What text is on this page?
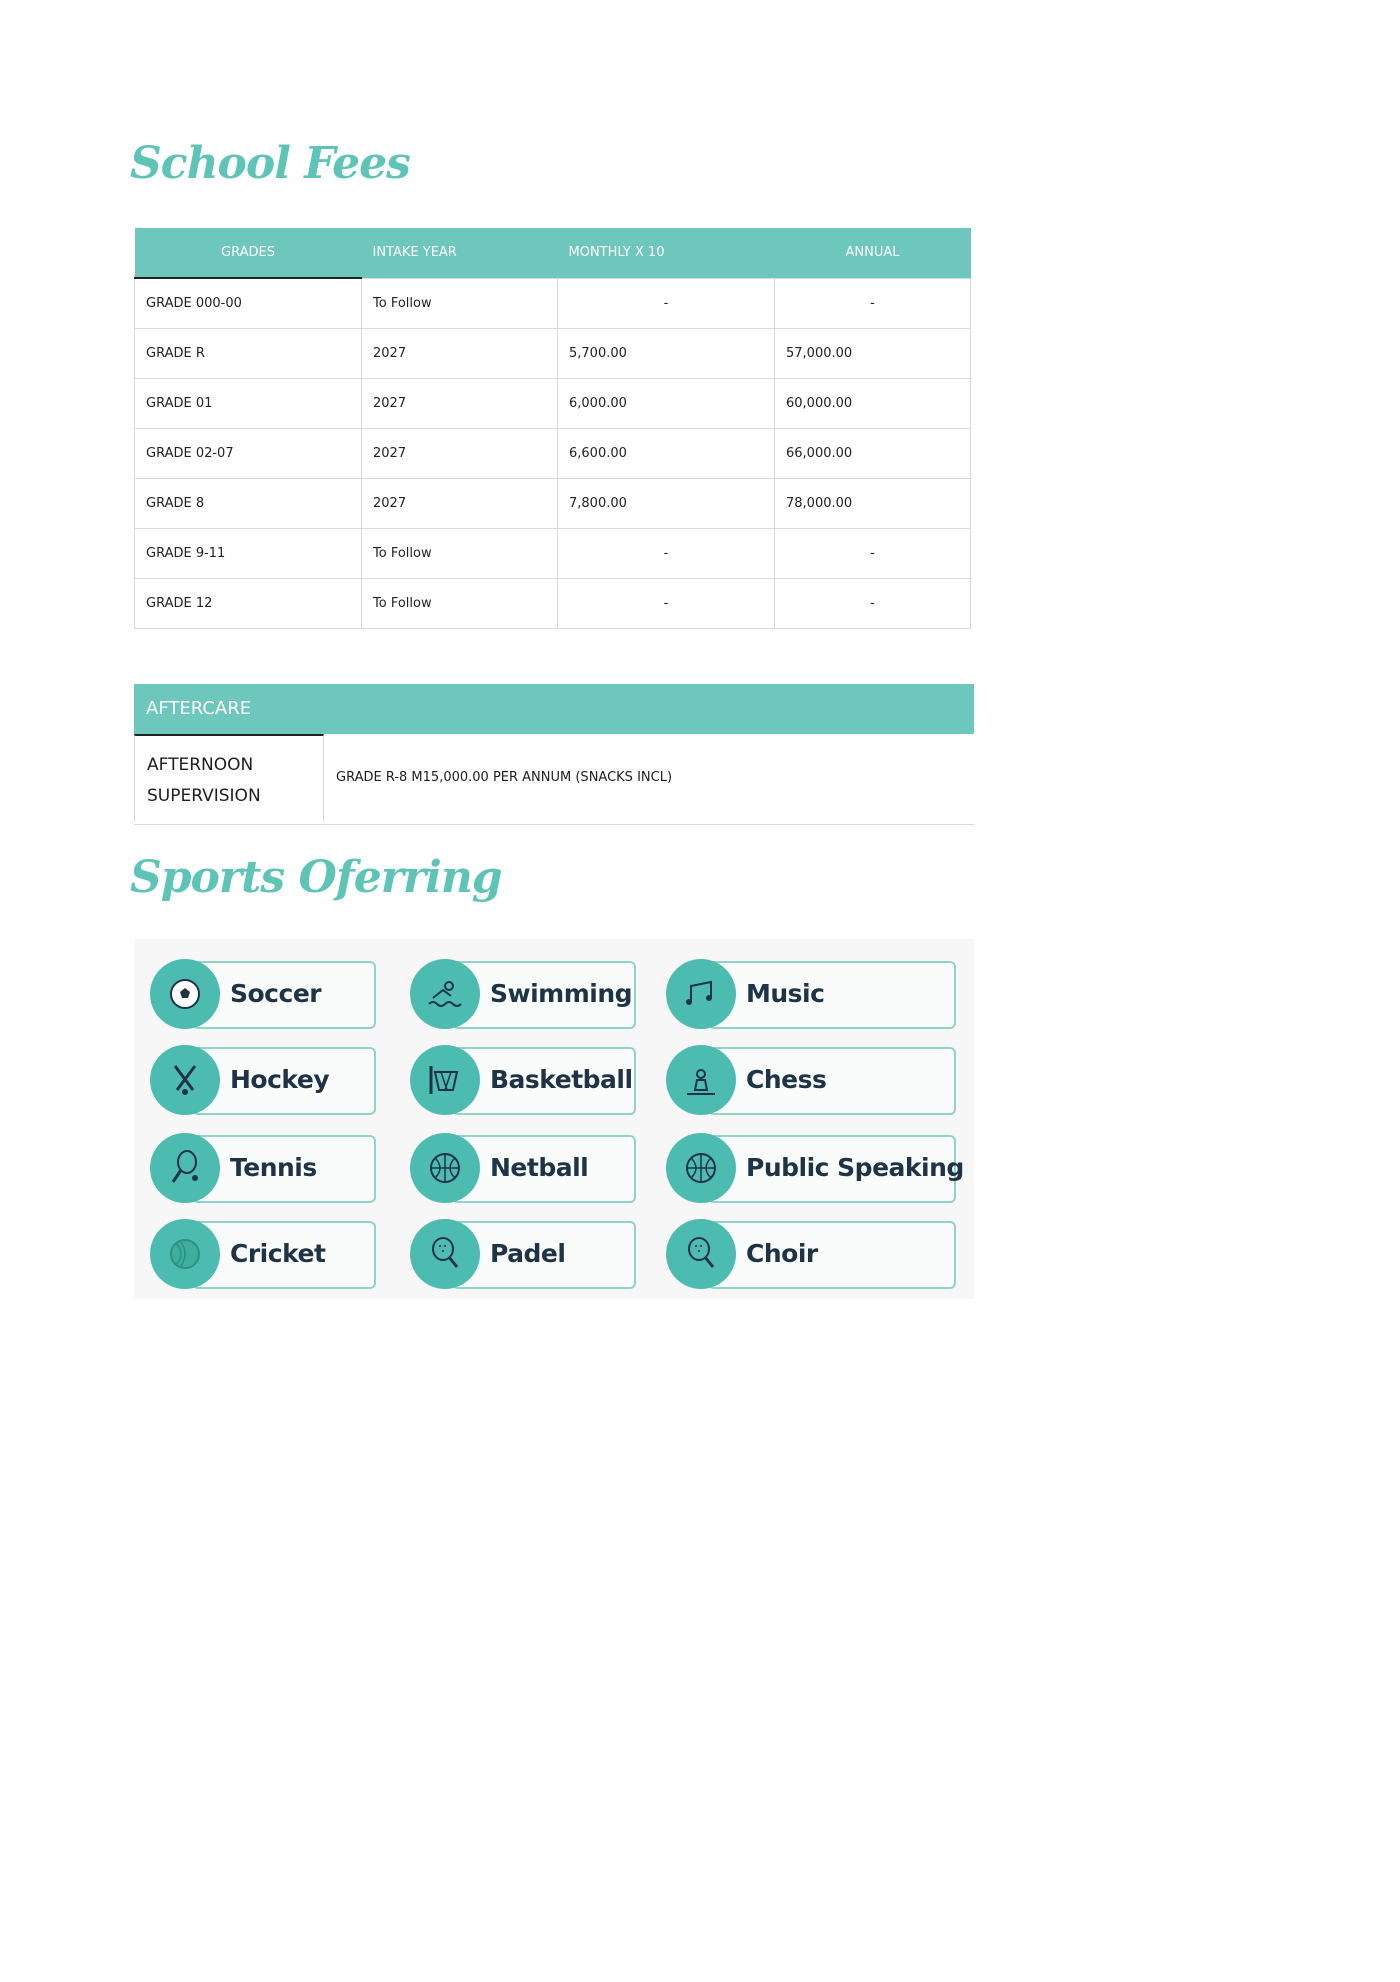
School Fees
GRADES	INTAKE YEAR	MONTHLY X 10	ANNUAL
GRADE 000-00	To Follow	-	-
GRADE R	2027	5,700.00	57,000.00
GRADE 01	2027	6,000.00	60,000.00
GRADE 02-07	2027	6,600.00	66,000.00
GRADE 8	2027	7,800.00	78,000.00
GRADE 9-11	To Follow	-	-
GRADE 12	To Follow	-	-
AFTERCARE
AFTERNOON
SUPERVISION
GRADE R-8 M15,000.00 PER ANNUM (SNACKS INCL)
Sports Oferring
Soccer	Swimming	Music
Hockey	Basketball	Chess
Tennis	Netball	Public Speaking
Cricket	Padel	Choir
